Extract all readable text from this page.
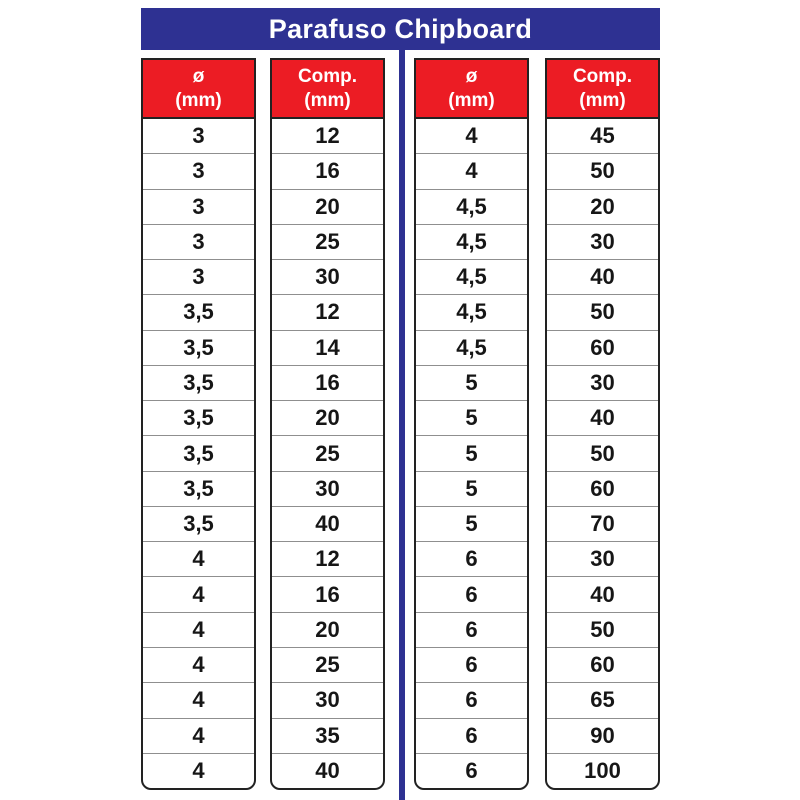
Parafuso Chipboard
ø
(mm)
3
3
3
3
3
3,5
3,5
3,5
3,5
3,5
3,5
3,5
4
4
4
4
4
4
4
Comp.
(mm)
12
16
20
25
30
12
14
16
20
25
30
40
12
16
20
25
30
35
40
ø
(mm)
4
4
4,5
4,5
4,5
4,5
4,5
5
5
5
5
5
6
6
6
6
6
6
6
Comp.
(mm)
45
50
20
30
40
50
60
30
40
50
60
70
30
40
50
60
65
90
100
